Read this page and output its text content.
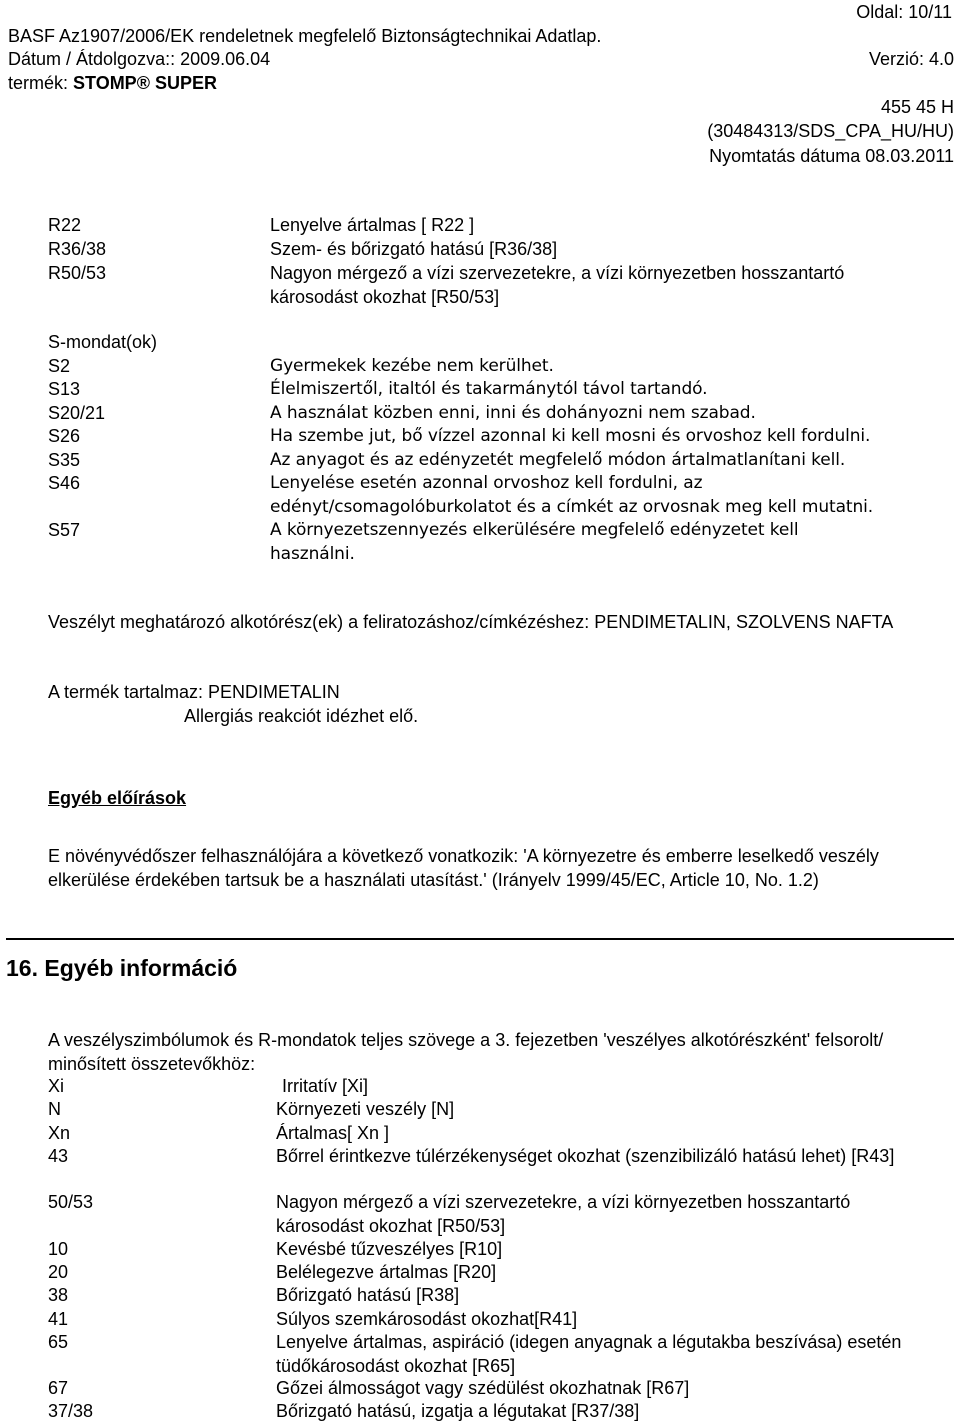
Oldal: 10/11
BASF Az1907/2006/EK rendeletnek megfelelő Biztonságtechnikai Adatlap.
Dátum / Átdolgozva:: 2009.06.04	Verzió: 4.0
termék: STOMP® SUPER
455 45 H
(30484313/SDS_CPA_HU/HU)
Nyomtatás dátuma 08.03.2011
R22	Lenyelve ártalmas [ R22 ]
R36/38	Szem- és bőrizgató hatású [R36/38]
R50/53	Nagyon mérgező a vízi szervezetekre, a vízi környezetben hosszantartó károsodást okozhat [R50/53]
S-mondat(ok)
S2	Gyermekek kezébe nem kerülhet.
S13	Élelmiszertől, italtól és takarmánytól távol tartandó.
S20/21	A használat közben enni, inni és dohányozni nem szabad.
S26	Ha szembe jut, bő vízzel azonnal ki kell mosni és orvoshoz kell fordulni.
S35	Az anyagot és az edényzetét megfelelő módon ártalmatlanítani kell.
S46	Lenyelése esetén azonnal orvoshoz kell fordulni, az edényt/csomagolóburkolatot és a címkét az orvosnak meg kell mutatni.
S57	A környezetszennyezés elkerülésére megfelelő edényzetet kell használni.
Veszélyt meghatározó alkotórész(ek) a feliratozáshoz/címkézéshez: PENDIMETALIN, SZOLVENS NAFTA
A termék tartalmaz: PENDIMETALIN
Allergiás reakciót idézhet elő.
Egyéb előírások
E növényvédőszer felhasználójára a következő vonatkozik: 'A környezetre és emberre leselkedő veszély elkerülése érdekében tartsuk be a használati utasítást.' (Irányelv 1999/45/EC, Article 10, No. 1.2)
16. Egyéb információ
A veszélyszimbólumok és R-mondatok teljes szövege a 3. fejezetben 'veszélyes alkotórészként' felsorolt/ minősített összetevőkhöz:
Xi	Irritatív [Xi]
N	Környezeti veszély [N]
Xn	Ártalmas[ Xn ]
43	Bőrrel érintkezve túlérzékenységet okozhat (szenzibilizáló hatású lehet) [R43]
50/53	Nagyon mérgező a vízi szervezetekre, a vízi környezetben hosszantartó károsodást okozhat [R50/53]
10	Kevésbé tűzveszélyes [R10]
20	Belélegezve ártalmas [R20]
38	Bőrizgató hatású [R38]
41	Súlyos szemkárosodást okozhat[R41]
65	Lenyelve ártalmas, aspiráció (idegen anyagnak a légutakba beszívása) esetén tüdőkárosodást okozhat [R65]
67	Gőzei álmosságot vagy szédülést okozhatnak [R67]
37/38	Bőrizgató hatású, izgatja a légutakat [R37/38]
